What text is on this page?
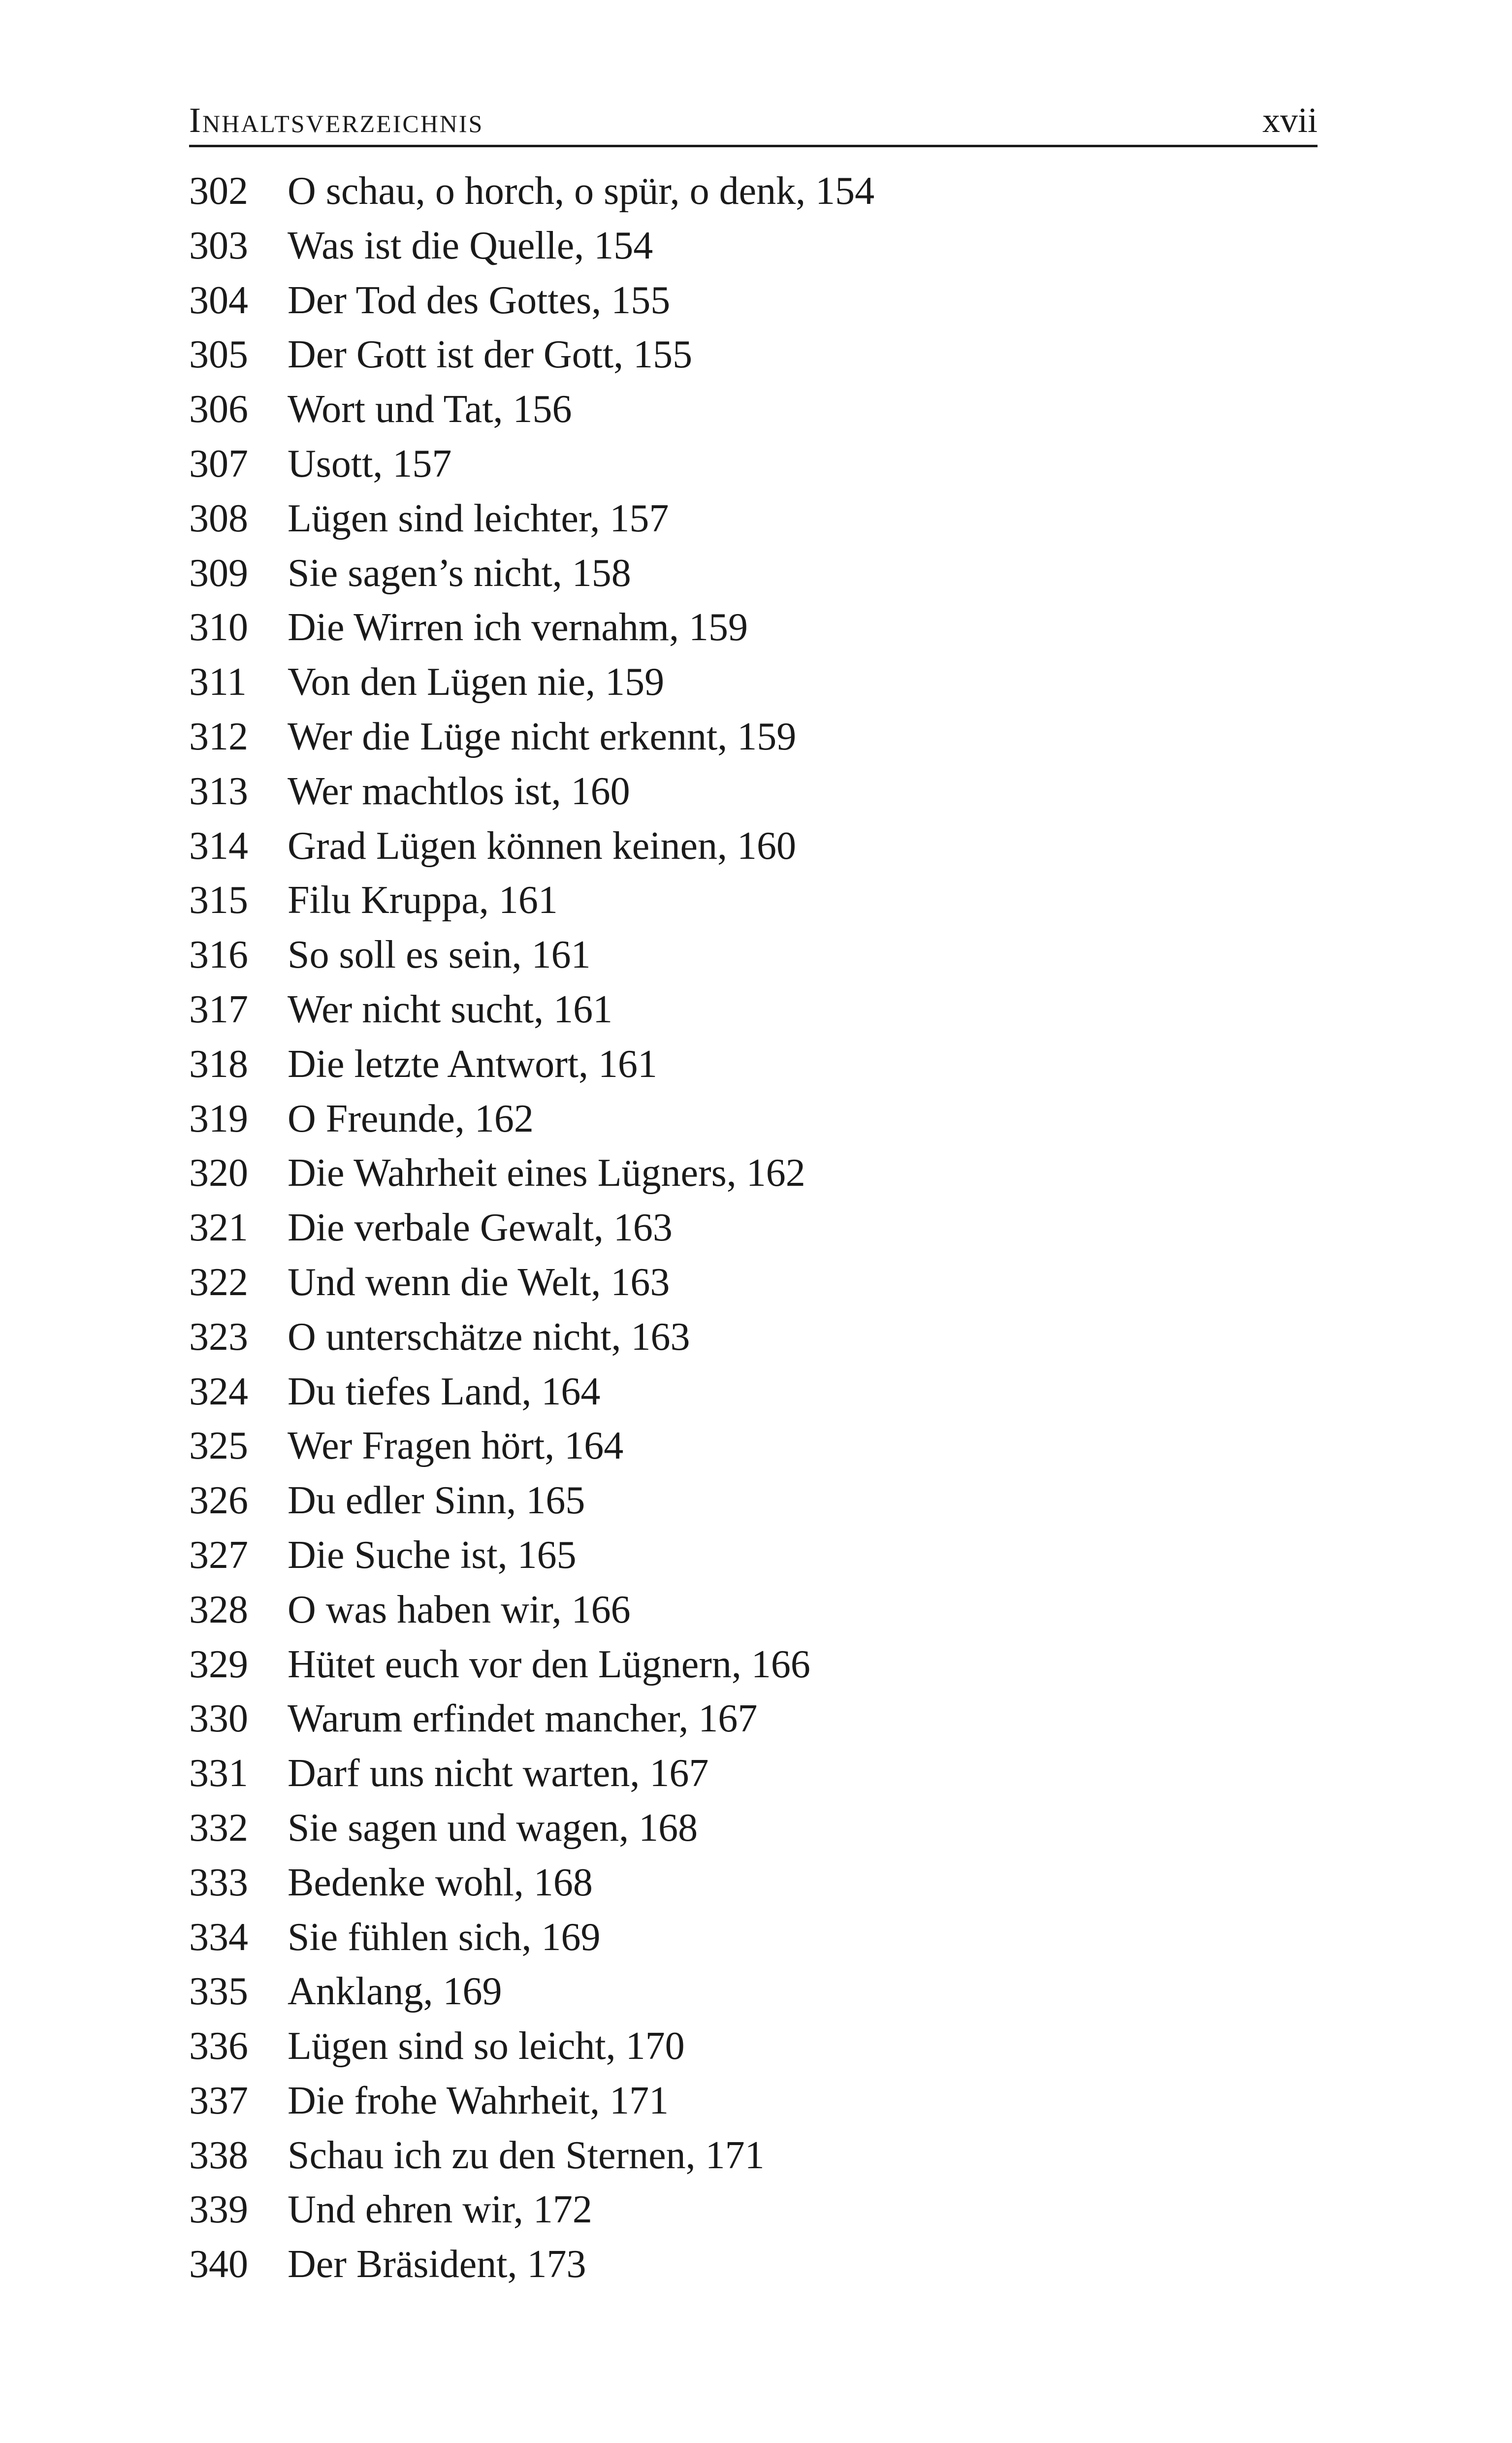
Inhaltsverzeichnis	xvii
302	O schau, o horch, o spür, o denk, 154
303	Was ist die Quelle, 154
304	Der Tod des Gottes, 155
305	Der Gott ist der Gott, 155
306	Wort und Tat, 156
307	Usott, 157
308	Lügen sind leichter, 157
309	Sie sagen’s nicht, 158
310	Die Wirren ich vernahm, 159
311	Von den Lügen nie, 159
312	Wer die Lüge nicht erkennt, 159
313	Wer machtlos ist, 160
314	Grad Lügen können keinen, 160
315	Filu Kruppa, 161
316	So soll es sein, 161
317	Wer nicht sucht, 161
318	Die letzte Antwort, 161
319	O Freunde, 162
320	Die Wahrheit eines Lügners, 162
321	Die verbale Gewalt, 163
322	Und wenn die Welt, 163
323	O unterschätze nicht, 163
324	Du tiefes Land, 164
325	Wer Fragen hört, 164
326	Du edler Sinn, 165
327	Die Suche ist, 165
328	O was haben wir, 166
329	Hütet euch vor den Lügnern, 166
330	Warum erfindet mancher, 167
331	Darf uns nicht warten, 167
332	Sie sagen und wagen, 168
333	Bedenke wohl, 168
334	Sie fühlen sich, 169
335	Anklang, 169
336	Lügen sind so leicht, 170
337	Die frohe Wahrheit, 171
338	Schau ich zu den Sternen, 171
339	Und ehren wir, 172
340	Der Bräsident, 173
